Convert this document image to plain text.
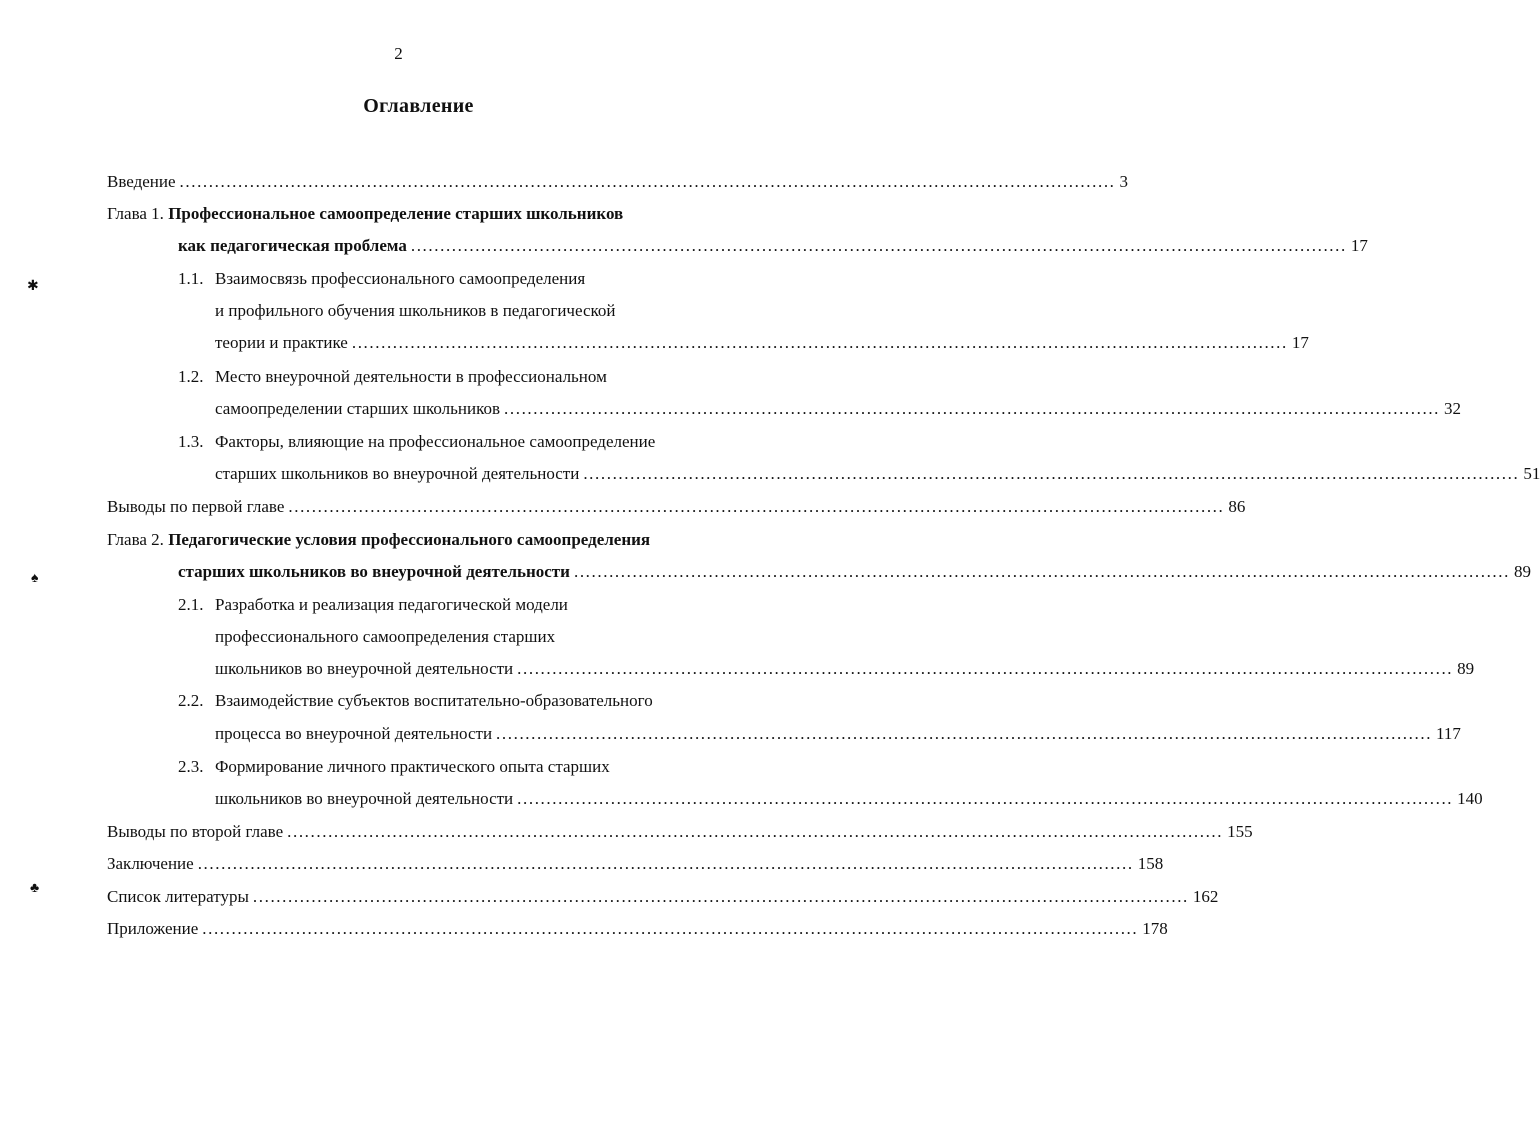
2
Оглавление
Введение ................................................................................................................................................................ 3
Глава 1. Профессиональное самоопределение старших школьников
как педагогическая проблема ................................................................................................................................................................ 17
1.1. Взаимосвязь профессионального самоопределения
и профильного обучения школьников в педагогической
теории и практике ................................................................................................................................................................ 17
1.2. Место внеурочной деятельности в профессиональном
самоопределении старших школьников ................................................................................................................................................................ 32
1.3. Факторы, влияющие на профессиональное самоопределение
старших школьников во внеурочной деятельности ................................................................................................................................................................ 51
Выводы по первой главе ................................................................................................................................................................ 86
Глава 2. Педагогические условия профессионального самоопределения
старших школьников во внеурочной деятельности ................................................................................................................................................................ 89
2.1. Разработка и реализация педагогической модели
профессионального самоопределения старших
школьников во внеурочной деятельности ................................................................................................................................................................ 89
2.2. Взаимодействие субъектов воспитательно-образовательного
процесса во внеурочной деятельности ................................................................................................................................................................ 117
2.3. Формирование личного практического опыта старших
школьников во внеурочной деятельности ................................................................................................................................................................ 140
Выводы по второй главе ................................................................................................................................................................ 155
Заключение ................................................................................................................................................................ 158
Список литературы ................................................................................................................................................................ 162
Приложение ................................................................................................................................................................ 178
✱
♠
♣
